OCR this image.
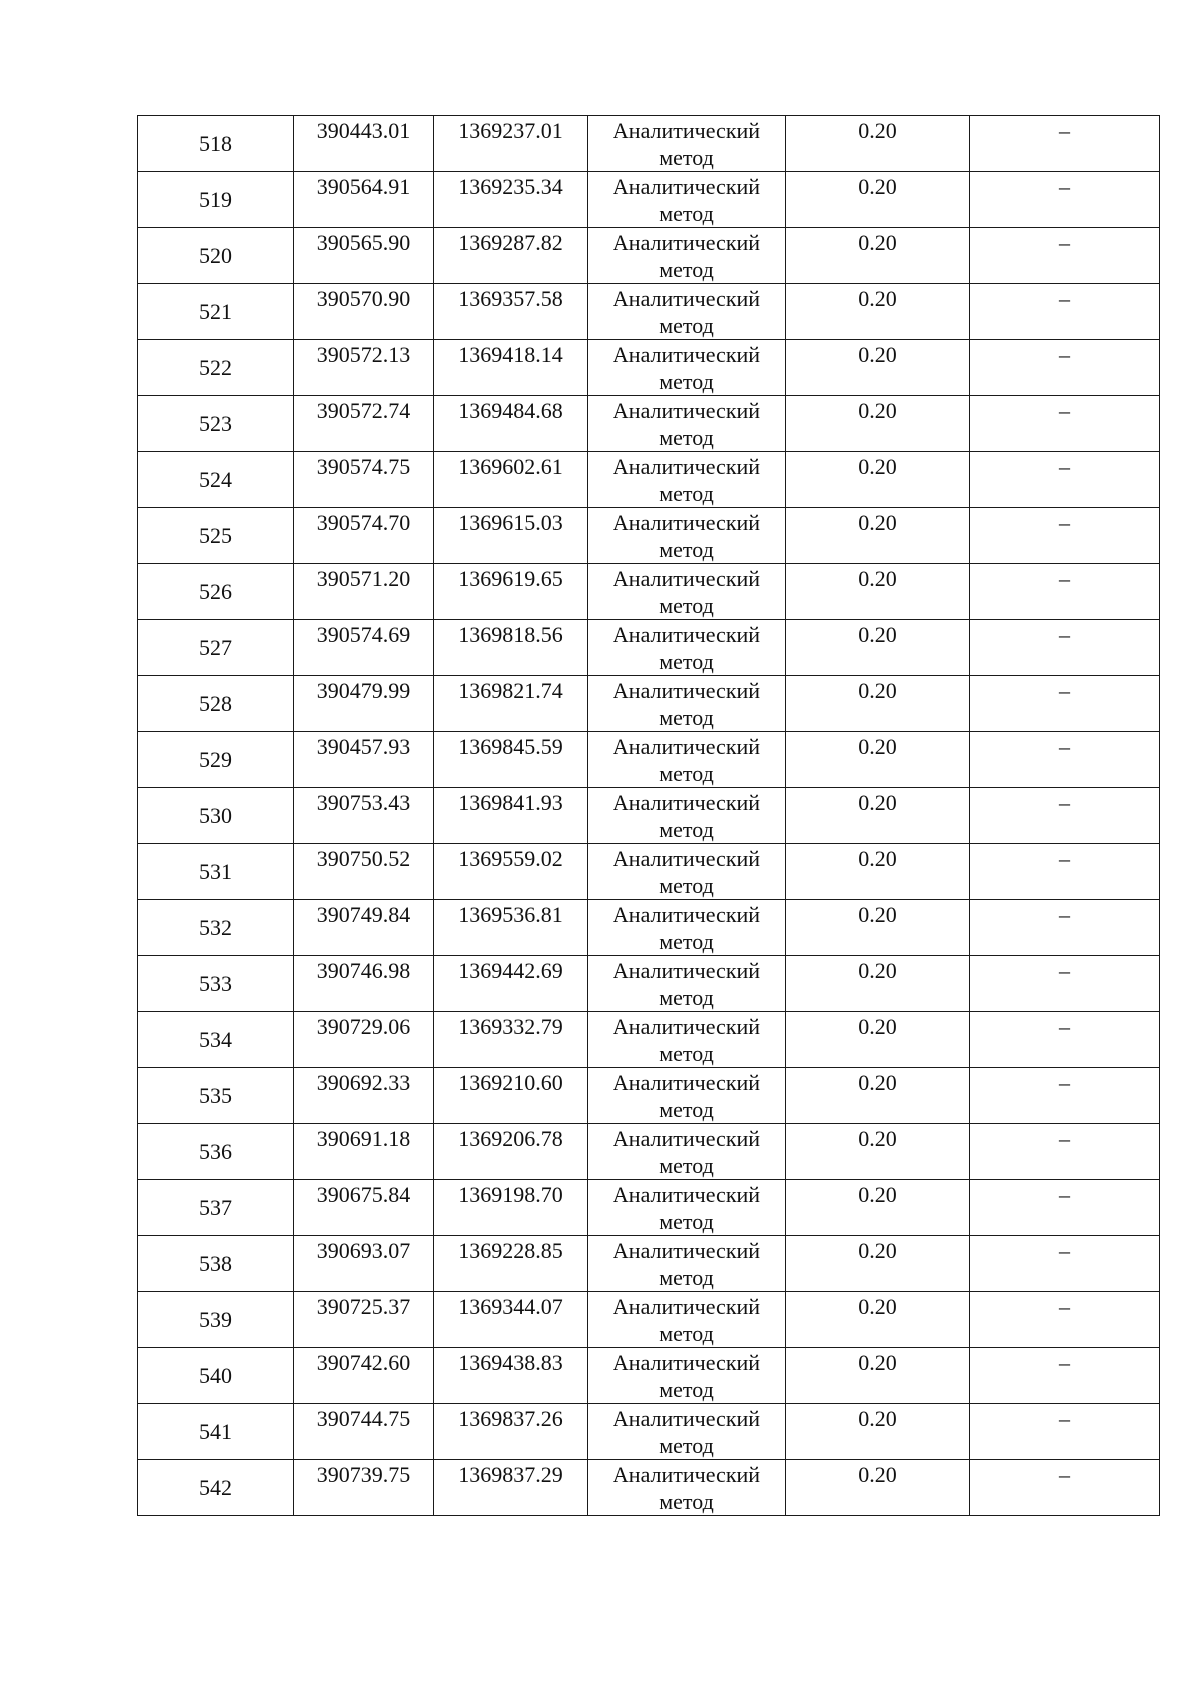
518	390443.01	1369237.01	Аналитический метод	0.20	–

519	390564.91	1369235.34	Аналитический метод	0.20	–

520	390565.90	1369287.82	Аналитический метод	0.20	–

521	390570.90	1369357.58	Аналитический метод	0.20	–

522	390572.13	1369418.14	Аналитический метод	0.20	–

523	390572.74	1369484.68	Аналитический метод	0.20	–

524	390574.75	1369602.61	Аналитический метод	0.20	–

525	390574.70	1369615.03	Аналитический метод	0.20	–

526	390571.20	1369619.65	Аналитический метод	0.20	–

527	390574.69	1369818.56	Аналитический метод	0.20	–

528	390479.99	1369821.74	Аналитический метод	0.20	–

529	390457.93	1369845.59	Аналитический метод	0.20	–

530	390753.43	1369841.93	Аналитический метод	0.20	–

531	390750.52	1369559.02	Аналитический метод	0.20	–

532	390749.84	1369536.81	Аналитический метод	0.20	–

533	390746.98	1369442.69	Аналитический метод	0.20	–

534	390729.06	1369332.79	Аналитический метод	0.20	–

535	390692.33	1369210.60	Аналитический метод	0.20	–

536	390691.18	1369206.78	Аналитический метод	0.20	–

537	390675.84	1369198.70	Аналитический метод	0.20	–

538	390693.07	1369228.85	Аналитический метод	0.20	–

539	390725.37	1369344.07	Аналитический метод	0.20	–

540	390742.60	1369438.83	Аналитический метод	0.20	–

541	390744.75	1369837.26	Аналитический метод	0.20	–

542	390739.75	1369837.29	Аналитический метод	0.20	–
